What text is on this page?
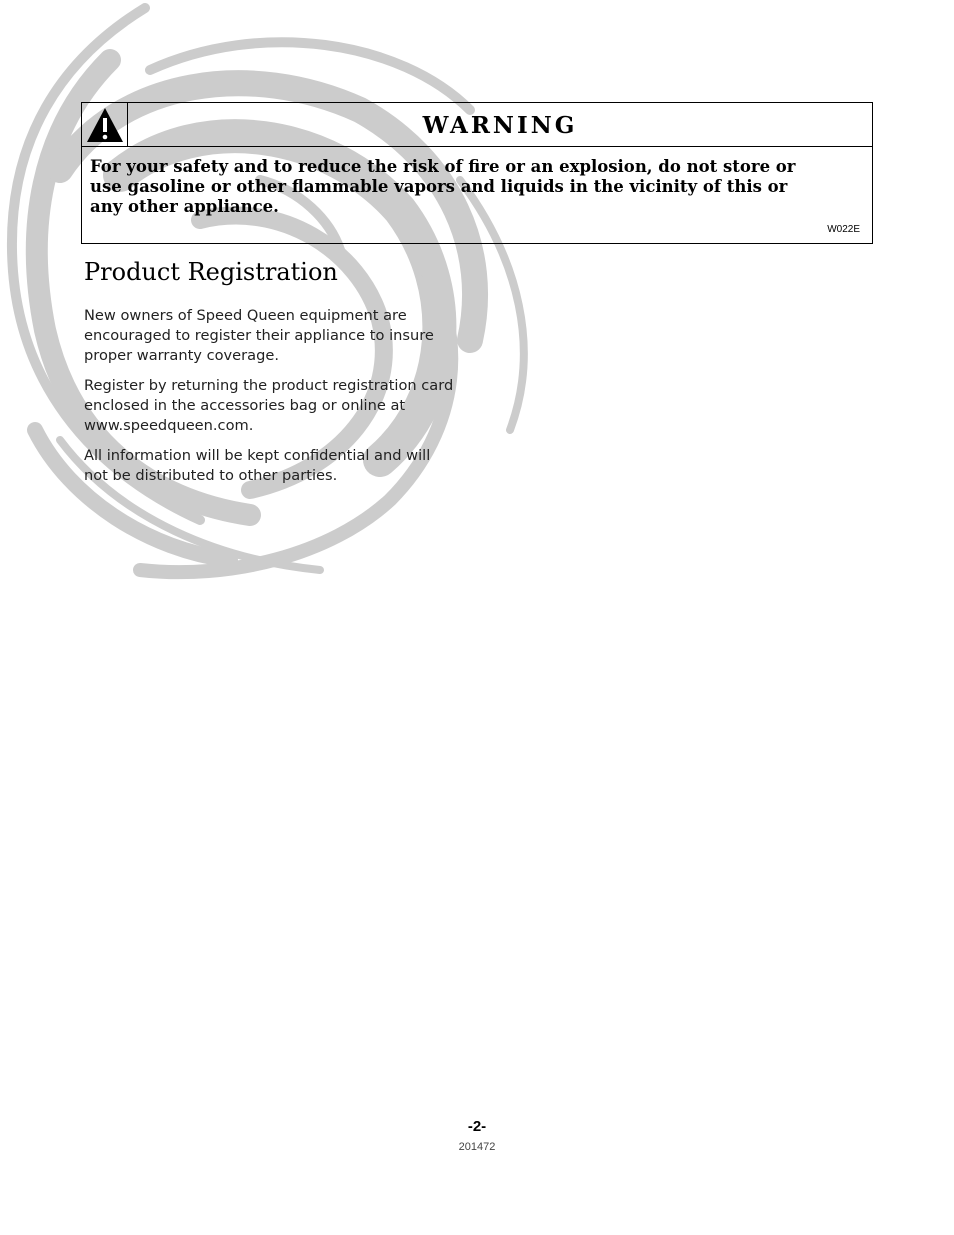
WARNING
For your safety and to reduce the risk of fire or an explosion, do not store or use gasoline or other flammable vapors and liquids in the vicinity of this or any other appliance.
W022E
Product Registration

New owners of Speed Queen equipment are encouraged to register their appliance to insure proper warranty coverage.

Register by returning the product registration card enclosed in the accessories bag or online at www.speedqueen.com.

All information will be kept confidential and will not be distributed to other parties.

-2-
201472
